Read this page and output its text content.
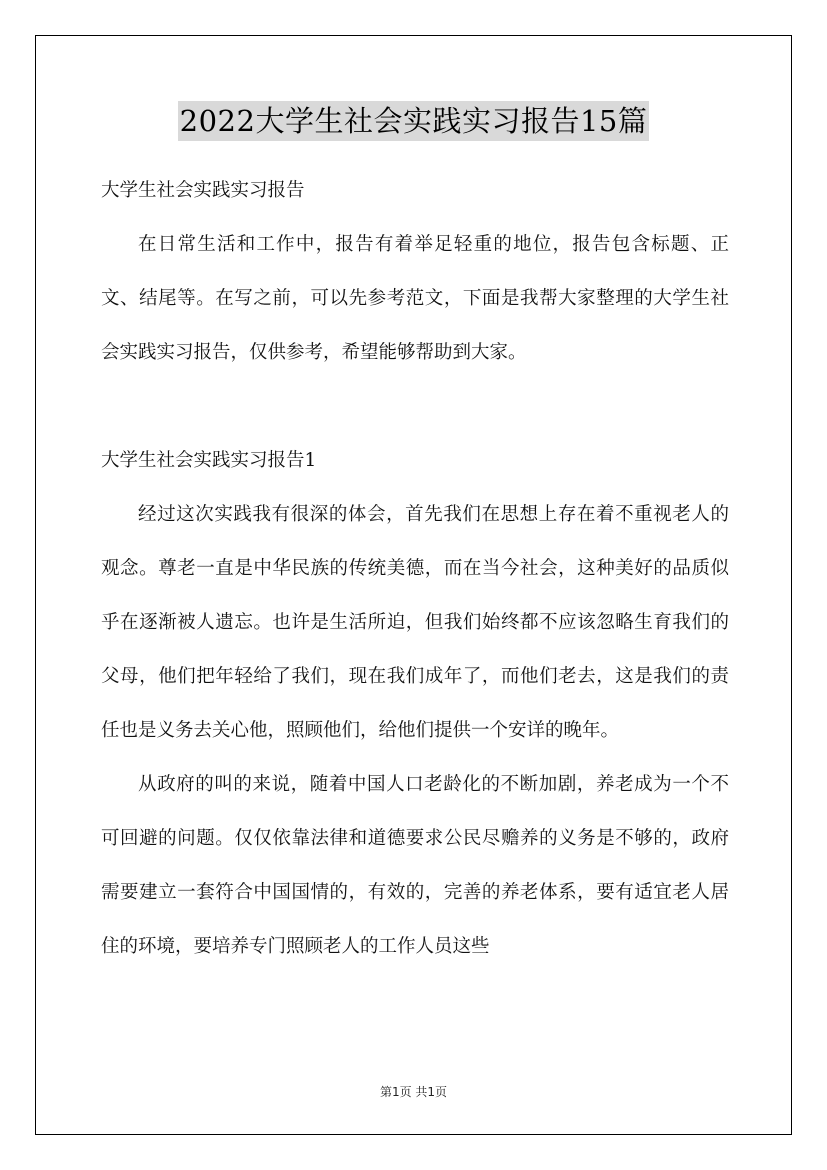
2022大学生社会实践实习报告15篇

大学生社会实践实习报告

在日常生活和工作中，报告有着举足轻重的地位，报告包含标题、正文、结尾等。在写之前，可以先参考范文，下面是我帮大家整理的大学生社会实践实习报告，仅供参考，希望能够帮助到大家。

大学生社会实践实习报告1

经过这次实践我有很深的体会，首先我们在思想上存在着不重视老人的观念。尊老一直是中华民族的传统美德，而在当今社会，这种美好的品质似乎在逐渐被人遗忘。也许是生活所迫，但我们始终都不应该忽略生育我们的父母，他们把年轻给了我们，现在我们成年了，而他们老去，这是我们的责任也是义务去关心他，照顾他们，给他们提供一个安详的晚年。

从政府的叫的来说，随着中国人口老龄化的不断加剧，养老成为一个不可回避的问题。仅仅依靠法律和道德要求公民尽赡养的义务是不够的，政府需要建立一套符合中国国情的，有效的，完善的养老体系，要有适宜老人居住的环境，要培养专门照顾老人的工作人员这些

第1页 共1页
